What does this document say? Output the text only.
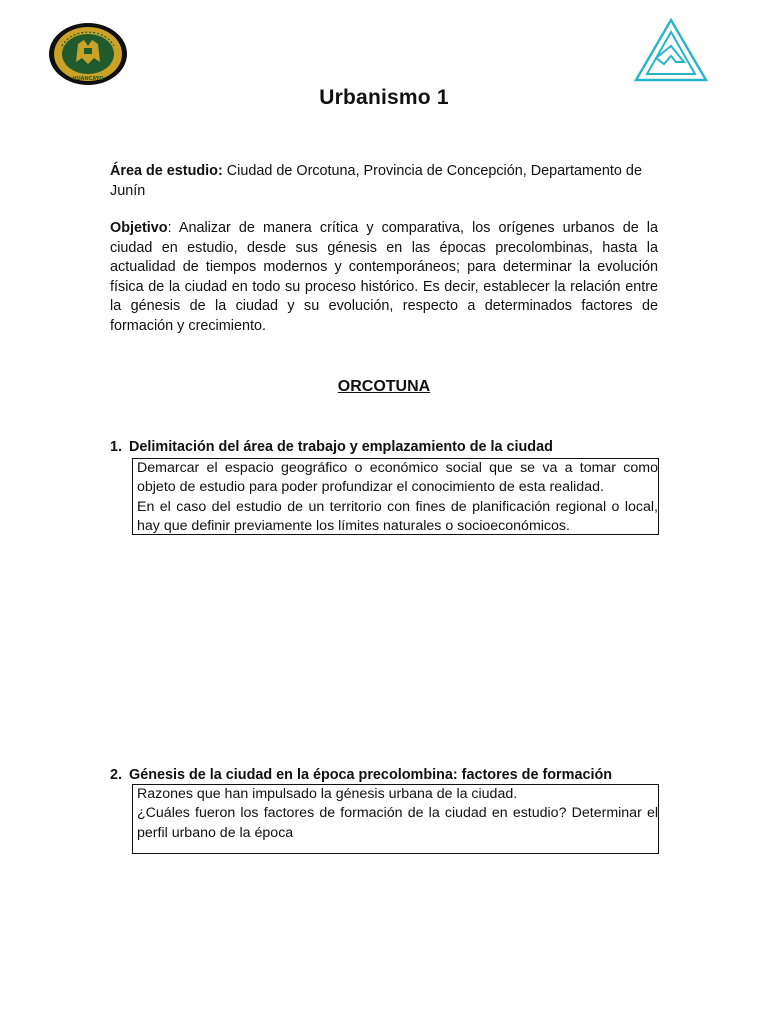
HUANCAYO
Urbanismo 1
Área de estudio: Ciudad de Orcotuna, Provincia de Concepción, Departamento de Junín
Objetivo: Analizar de manera crítica y comparativa, los orígenes urbanos de la ciudad en estudio, desde sus génesis en las épocas precolombinas, hasta la actualidad de tiempos modernos y contemporáneos; para determinar la evolución física de la ciudad en todo su proceso histórico. Es decir, establecer la relación entre la génesis de la ciudad y su evolución, respecto a determinados factores de formación y crecimiento.
ORCOTUNA
1. Delimitación del área de trabajo y emplazamiento de la ciudad
Demarcar el espacio geográfico o económico social que se va a tomar como objeto de estudio para poder profundizar el conocimiento de esta realidad.
En el caso del estudio de un territorio con fines de planificación regional o local, hay que definir previamente los límites naturales o socioeconómicos.
2. Génesis de la ciudad en la época precolombina: factores de formación
Razones que han impulsado la génesis urbana de la ciudad.
¿Cuáles fueron los factores de formación de la ciudad en estudio? Determinar el perfil urbano de la época
